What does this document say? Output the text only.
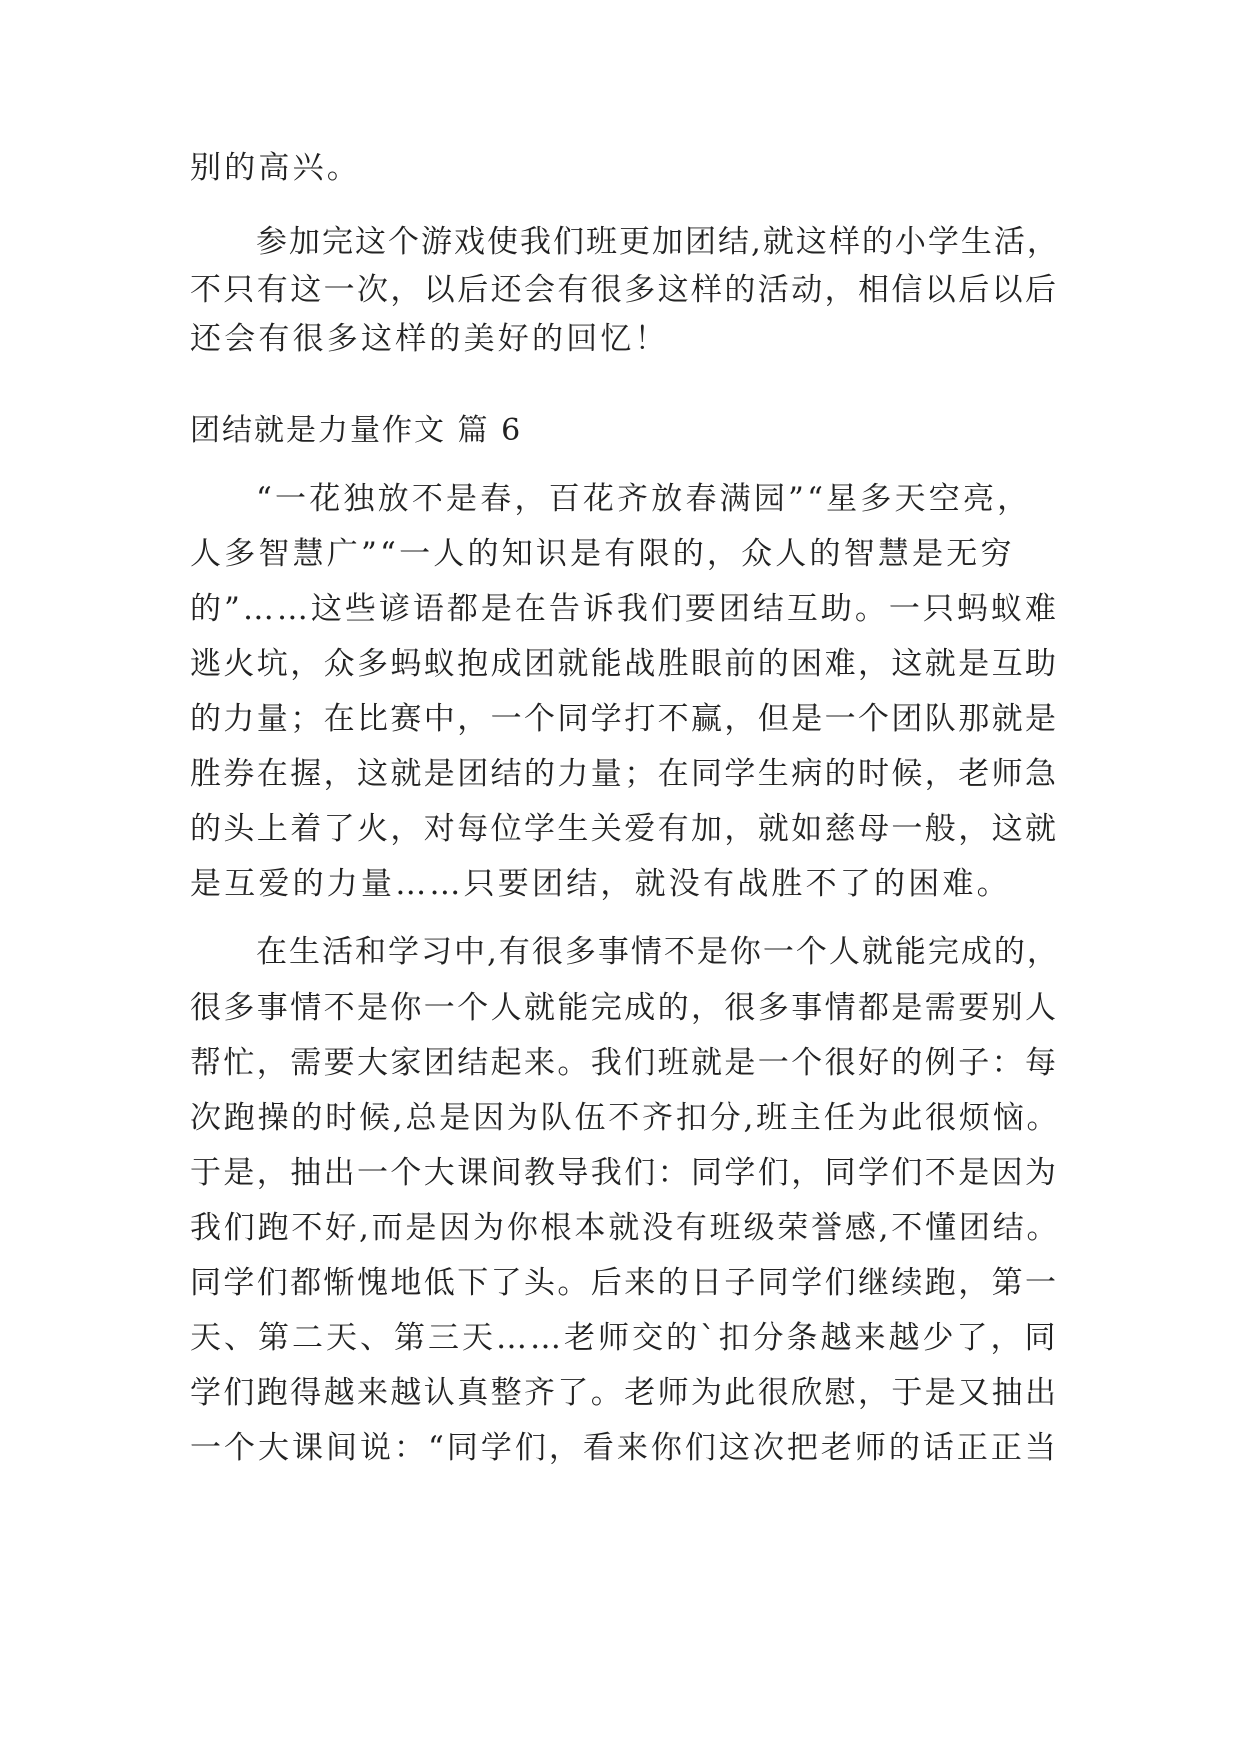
别的高兴。
参加完这个游戏使我们班更加团结,就这样的小学生活，
不只有这一次，以后还会有很多这样的活动，相信以后以后
还会有很多这样的美好的回忆！
团结就是力量作文 篇 6
“一花独放不是春，百花齐放春满园”“星多天空亮，
人多智慧广”“一人的知识是有限的，众人的智慧是无穷
的”……这些谚语都是在告诉我们要团结互助。一只蚂蚁难
逃火坑，众多蚂蚁抱成团就能战胜眼前的困难，这就是互助
的力量；在比赛中，一个同学打不赢，但是一个团队那就是
胜券在握，这就是团结的力量；在同学生病的时候，老师急
的头上着了火，对每位学生关爱有加，就如慈母一般，这就
是互爱的力量……只要团结，就没有战胜不了的困难。
在生活和学习中,有很多事情不是你一个人就能完成的，
很多事情不是你一个人就能完成的，很多事情都是需要别人
帮忙，需要大家团结起来。我们班就是一个很好的例子：每
次跑操的时候,总是因为队伍不齐扣分,班主任为此很烦恼。
于是，抽出一个大课间教导我们：同学们，同学们不是因为
我们跑不好,而是因为你根本就没有班级荣誉感,不懂团结。
同学们都惭愧地低下了头。后来的日子同学们继续跑，第一
天、第二天、第三天……老师交的`扣分条越来越少了，同
学们跑得越来越认真整齐了。老师为此很欣慰，于是又抽出
一个大课间说：“同学们，看来你们这次把老师的话正正当
